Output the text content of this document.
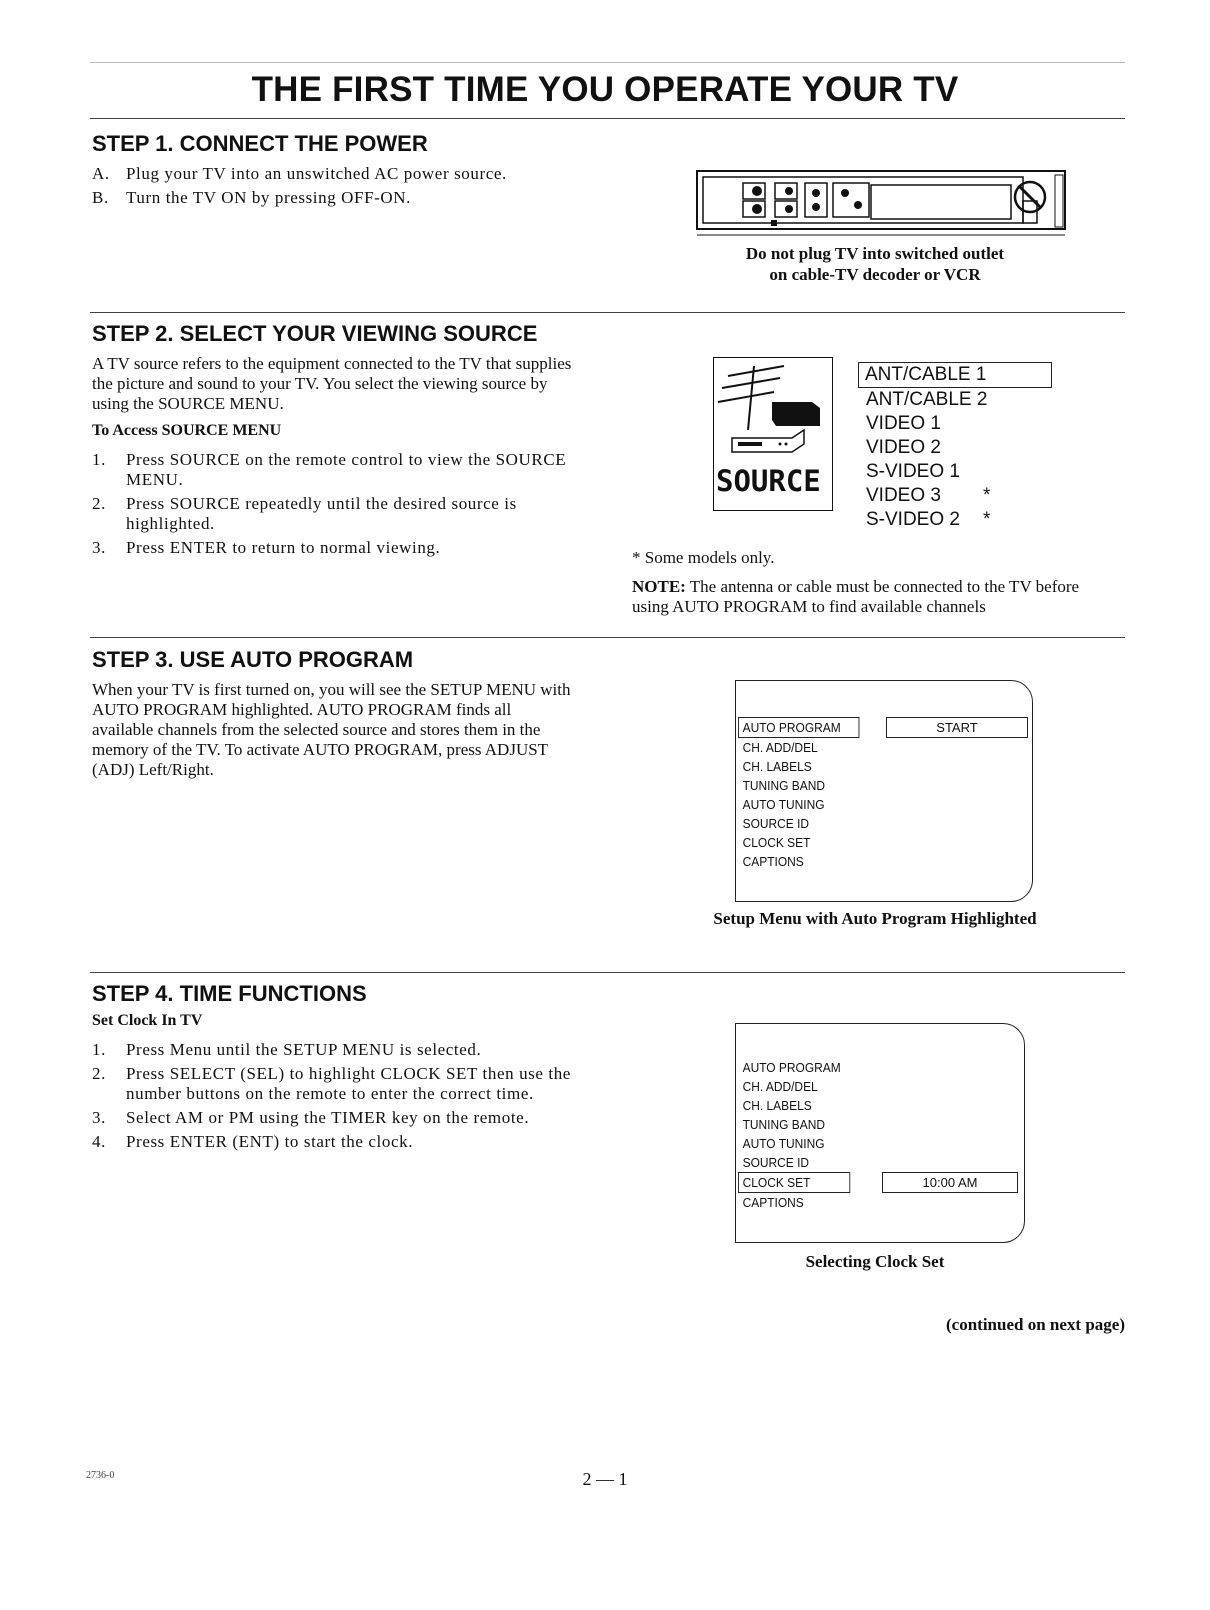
THE FIRST TIME YOU OPERATE YOUR TV
STEP 1. CONNECT THE POWER
A. Plug your TV into an unswitched AC power source.
B. Turn the TV ON by pressing OFF-ON.
Do not plug TV into switched outlet
on cable-TV decoder or VCR
STEP 2. SELECT YOUR VIEWING SOURCE
A TV source refers to the equipment connected to the TV that supplies the picture and sound to your TV. You select the viewing source by using the SOURCE MENU.
To Access SOURCE MENU
1. Press SOURCE on the remote control to view the SOURCE MENU.
2. Press SOURCE repeatedly until the desired source is highlighted.
3. Press ENTER to return to normal viewing.
SOURCE
ANT/CABLE 1
ANT/CABLE 2
VIDEO 1
VIDEO 2
S-VIDEO 1
VIDEO 3 *
S-VIDEO 2 *
* Some models only.
NOTE: The antenna or cable must be connected to the TV before using AUTO PROGRAM to find available channels
STEP 3. USE AUTO PROGRAM
When your TV is first turned on, you will see the SETUP MENU with AUTO PROGRAM highlighted. AUTO PROGRAM finds all available channels from the selected source and stores them in the memory of the TV. To activate AUTO PROGRAM, press ADJUST (ADJ) Left/Right.
AUTO PROGRAM
CH. ADD/DEL
CH. LABELS
TUNING BAND
AUTO TUNING
SOURCE ID
CLOCK SET
CAPTIONS
START
Setup Menu with Auto Program Highlighted
STEP 4. TIME FUNCTIONS
Set Clock In TV
1. Press Menu until the SETUP MENU is selected.
2. Press SELECT (SEL) to highlight CLOCK SET then use the number buttons on the remote to enter the correct time.
3. Select AM or PM using the TIMER key on the remote.
4. Press ENTER (ENT) to start the clock.
AUTO PROGRAM
CH. ADD/DEL
CH. LABELS
TUNING BAND
AUTO TUNING
SOURCE ID
CLOCK SET
CAPTIONS
10:00 AM
Selecting Clock Set
(continued on next page)
2736-0	2 — 1
